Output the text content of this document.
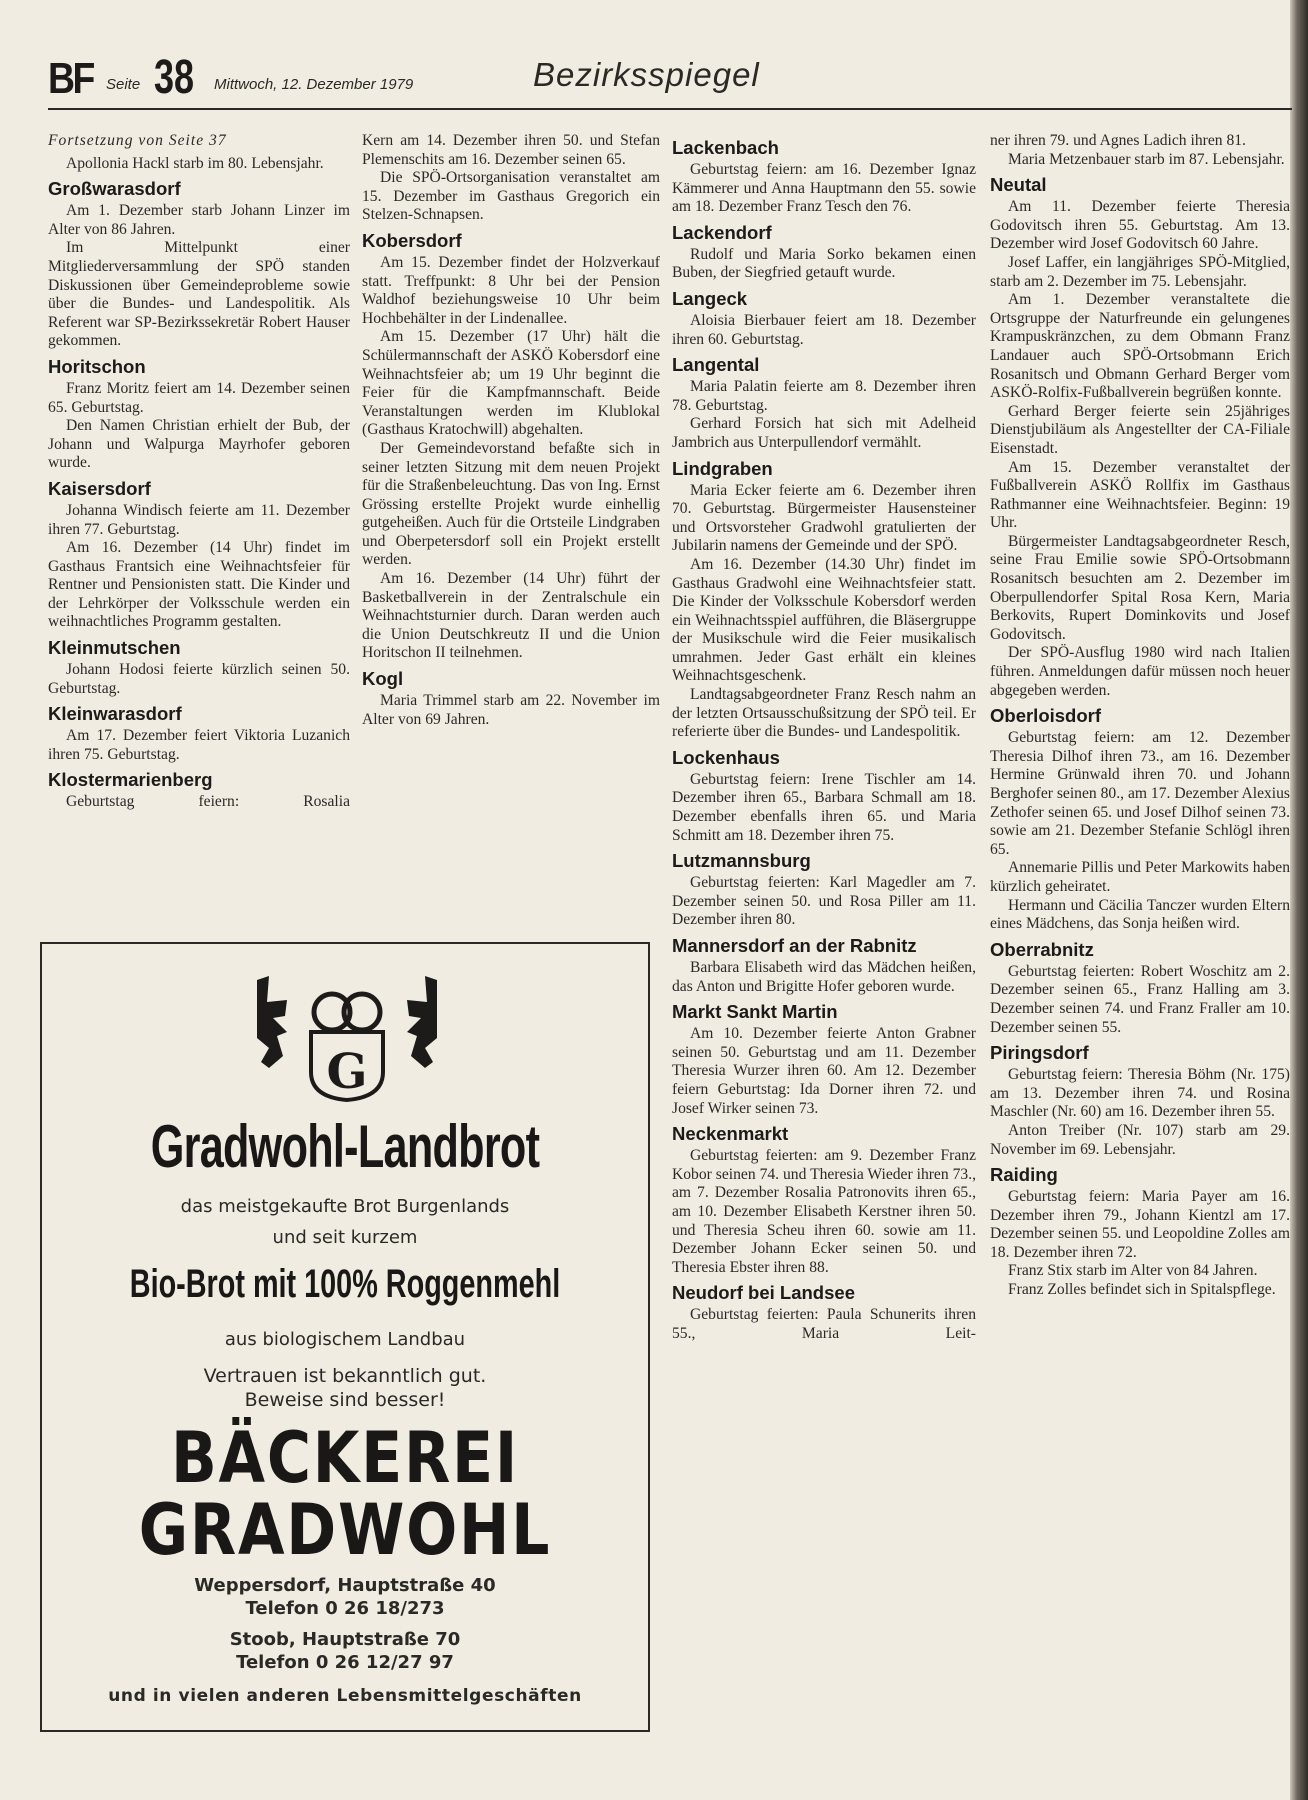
BF Seite 38 Mittwoch, 12. Dezember 1979	Bezirksspiegel
Fortsetzung von Seite 37

Apollonia Hackl starb im 80. Lebensjahr.

Großwarasdorf

Am 1. Dezember starb Johann Linzer im Alter von 86 Jahren.

Im Mittelpunkt einer Mitgliederversammlung der SPÖ standen Diskussionen über Gemeindeprobleme sowie über die Bundes- und Landespolitik. Als Referent war SP-Bezirkssekretär Robert Hauser gekommen.

Horitschon

Franz Moritz feiert am 14. Dezember seinen 65. Geburtstag.

Den Namen Christian erhielt der Bub, der Johann und Walpurga Mayrhofer geboren wurde.

Kaisersdorf

Johanna Windisch feierte am 11. Dezember ihren 77. Geburtstag.

Am 16. Dezember (14 Uhr) findet im Gasthaus Frantsich eine Weihnachtsfeier für Rentner und Pensionisten statt. Die Kinder und der Lehrkörper der Volksschule werden ein weihnachtliches Programm gestalten.

Kleinmutschen

Johann Hodosi feierte kürzlich seinen 50. Geburtstag.

Kleinwarasdorf

Am 17. Dezember feiert Viktoria Luzanich ihren 75. Geburtstag.

Klostermarienberg

Geburtstag feiern: Rosalia

Kern am 14. Dezember ihren 50. und Stefan Plemenschits am 16. Dezember seinen 65.

Die SPÖ-Ortsorganisation veranstaltet am 15. Dezember im Gasthaus Gregorich ein Stelzen-Schnapsen.

Kobersdorf

Am 15. Dezember findet der Holzverkauf statt. Treffpunkt: 8 Uhr bei der Pension Waldhof beziehungsweise 10 Uhr beim Hochbehälter in der Lindenallee.

Am 15. Dezember (17 Uhr) hält die Schülermannschaft der ASKÖ Kobersdorf eine Weihnachtsfeier ab; um 19 Uhr beginnt die Feier für die Kampfmannschaft. Beide Veranstaltungen werden im Klublokal (Gasthaus Kratochwill) abgehalten.

Der Gemeindevorstand befaßte sich in seiner letzten Sitzung mit dem neuen Projekt für die Straßenbeleuchtung. Das von Ing. Ernst Grössing erstellte Projekt wurde einhellig gutgeheißen. Auch für die Ortsteile Lindgraben und Oberpetersdorf soll ein Projekt erstellt werden.

Am 16. Dezember (14 Uhr) führt der Basketballverein in der Zentralschule ein Weihnachtsturnier durch. Daran werden auch die Union Deutschkreutz II und die Union Horitschon II teilnehmen.

Kogl

Maria Trimmel starb am 22. November im Alter von 69 Jahren.

Lackenbach

Geburtstag feiern: am 16. Dezember Ignaz Kämmerer und Anna Hauptmann den 55. sowie am 18. Dezember Franz Tesch den 76.

Lackendorf

Rudolf und Maria Sorko bekamen einen Buben, der Siegfried getauft wurde.

Langeck

Aloisia Bierbauer feiert am 18. Dezember ihren 60. Geburtstag.

Langental

Maria Palatin feierte am 8. Dezember ihren 78. Geburtstag.

Gerhard Forsich hat sich mit Adelheid Jambrich aus Unterpullendorf vermählt.

Lindgraben

Maria Ecker feierte am 6. Dezember ihren 70. Geburtstag. Bürgermeister Hausensteiner und Ortsvorsteher Gradwohl gratulierten der Jubilarin namens der Gemeinde und der SPÖ.

Am 16. Dezember (14.30 Uhr) findet im Gasthaus Gradwohl eine Weihnachtsfeier statt. Die Kinder der Volksschule Kobersdorf werden ein Weihnachtsspiel aufführen, die Bläsergruppe der Musikschule wird die Feier musikalisch umrahmen. Jeder Gast erhält ein kleines Weihnachtsgeschenk.

Landtagsabgeordneter Franz Resch nahm an der letzten Ortsausschußsitzung der SPÖ teil. Er referierte über die Bundes- und Landespolitik.

Lockenhaus

Geburtstag feiern: Irene Tischler am 14. Dezember ihren 65., Barbara Schmall am 18. Dezember ebenfalls ihren 65. und Maria Schmitt am 18. Dezember ihren 75.

Lutzmannsburg

Geburtstag feierten: Karl Magedler am 7. Dezember seinen 50. und Rosa Piller am 11. Dezember ihren 80.

Mannersdorf an der Rabnitz

Barbara Elisabeth wird das Mädchen heißen, das Anton und Brigitte Hofer geboren wurde.

Markt Sankt Martin

Am 10. Dezember feierte Anton Grabner seinen 50. Geburtstag und am 11. Dezember Theresia Wurzer ihren 60. Am 12. Dezember feiern Geburtstag: Ida Dorner ihren 72. und Josef Wirker seinen 73.

Neckenmarkt

Geburtstag feierten: am 9. Dezember Franz Kobor seinen 74. und Theresia Wieder ihren 73., am 7. Dezember Rosalia Patronovits ihren 65., am 10. Dezember Elisabeth Kerstner ihren 50. und Theresia Scheu ihren 60. sowie am 11. Dezember Johann Ecker seinen 50. und Theresia Ebster ihren 88.

Neudorf bei Landsee

Geburtstag feierten: Paula Schunerits ihren 55., Maria Leit-

ner ihren 79. und Agnes Ladich ihren 81.

Maria Metzenbauer starb im 87. Lebensjahr.

Neutal

Am 11. Dezember feierte Theresia Godovitsch ihren 55. Geburtstag. Am 13. Dezember wird Josef Godovitsch 60 Jahre.

Josef Laffer, ein langjähriges SPÖ-Mitglied, starb am 2. Dezember im 75. Lebensjahr.

Am 1. Dezember veranstaltete die Ortsgruppe der Naturfreunde ein gelungenes Krampuskränzchen, zu dem Obmann Franz Landauer auch SPÖ-Ortsobmann Erich Rosanitsch und Obmann Gerhard Berger vom ASKÖ-Rolfix-Fußballverein begrüßen konnte.

Gerhard Berger feierte sein 25jähriges Dienstjubiläum als Angestellter der CA-Filiale Eisenstadt.

Am 15. Dezember veranstaltet der Fußballverein ASKÖ Rollfix im Gasthaus Rathmanner eine Weihnachtsfeier. Beginn: 19 Uhr.

Bürgermeister Landtagsabgeordneter Resch, seine Frau Emilie sowie SPÖ-Ortsobmann Rosanitsch besuchten am 2. Dezember im Oberpullendorfer Spital Rosa Kern, Maria Berkovits, Rupert Dominkovits und Josef Godovitsch.

Der SPÖ-Ausflug 1980 wird nach Italien führen. Anmeldungen dafür müssen noch heuer abgegeben werden.

Oberloisdorf

Geburtstag feiern: am 12. Dezember Theresia Dilhof ihren 73., am 16. Dezember Hermine Grünwald ihren 70. und Johann Berghofer seinen 80., am 17. Dezember Alexius Zethofer seinen 65. und Josef Dilhof seinen 73. sowie am 21. Dezember Stefanie Schlögl ihren 65.

Annemarie Pillis und Peter Markowits haben kürzlich geheiratet.

Hermann und Cäcilia Tanczer wurden Eltern eines Mädchens, das Sonja heißen wird.

Oberrabnitz

Geburtstag feierten: Robert Woschitz am 2. Dezember seinen 65., Franz Halling am 3. Dezember seinen 74. und Franz Fraller am 10. Dezember seinen 55.

Piringsdorf

Geburtstag feiern: Theresia Böhm (Nr. 175) am 13. Dezember ihren 74. und Rosina Maschler (Nr. 60) am 16. Dezember ihren 55.

Anton Treiber (Nr. 107) starb am 29. November im 69. Lebensjahr.

Raiding

Geburtstag feiern: Maria Payer am 16. Dezember ihren 79., Johann Kientzl am 17. Dezember seinen 55. und Leopoldine Zolles am 18. Dezember ihren 72.

Franz Stix starb im Alter von 84 Jahren.

Franz Zolles befindet sich in Spitalspflege.

G
Gradwohl-Landbrot
das meistgekaufte Brot Burgenlands
und seit kurzem
Bio-Brot mit 100% Roggenmehl
aus biologischem Landbau
Vertrauen ist bekanntlich gut.
Beweise sind besser!
BÄCKEREI
GRADWOHL
Weppersdorf, Hauptstraße 40
Telefon 0 26 18/273
Stoob, Hauptstraße 70
Telefon 0 26 12/27 97
und in vielen anderen Lebensmittelgeschäften
